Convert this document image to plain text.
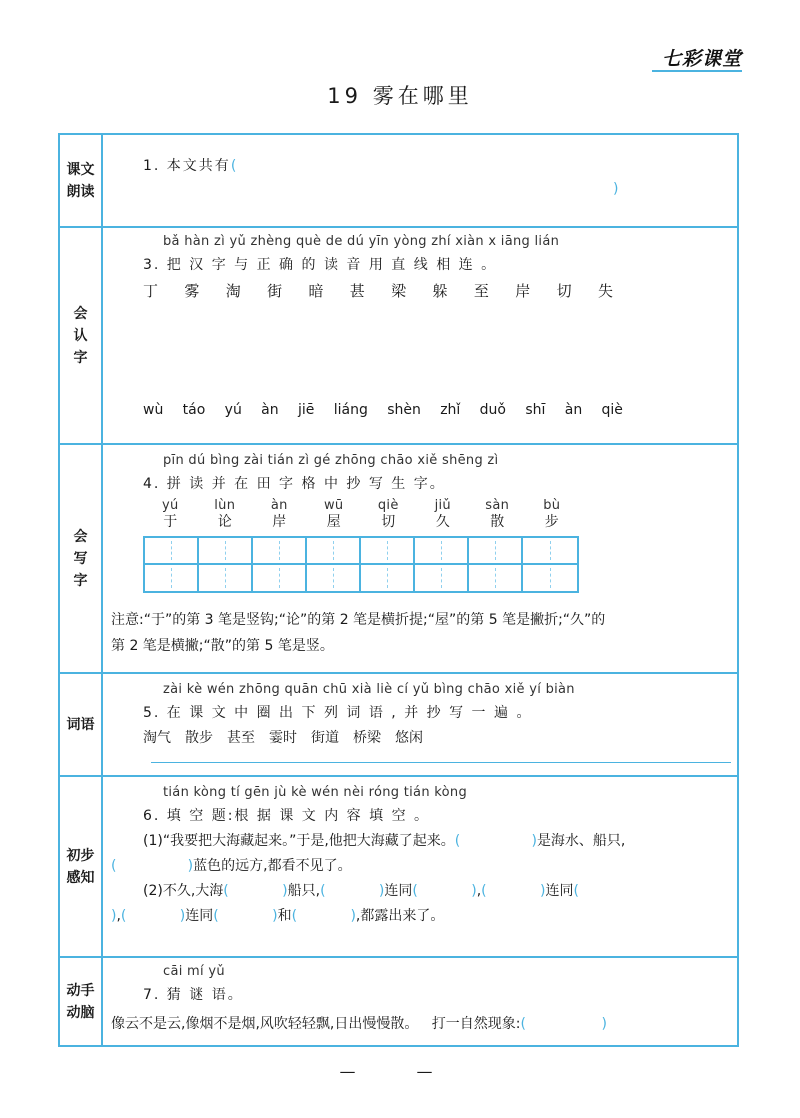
七彩课堂
19 雾在哪里
课文
朗读
1. 本文共有(
)
会
认
字
bǎ hàn zì yǔ zhèng què de dú yīn yòng zhí xiàn x iāng lián
3. 把 汉 字 与 正 确 的 读 音 用 直 线 相 连 。
丁 雾 淘 街 暗 甚 梁 躲 至 岸 切 失
wù táo yú àn jiē liáng shèn zhǐ duǒ shī àn qiè
会
写
字
pīn dú bìng zài tián zì gé zhōng chāo xiě shēng zì
4. 拼 读 并 在 田 字 格 中 抄 写 生 字。
yú
于
lùn
论
àn
岸
wū
屋
qiè
切
jiǔ
久
sàn
散
bù
步
注意:“于”的第 3 笔是竖钩;“论”的第 2 笔是横折提;“屋”的第 5 笔是撇折;“久”的
第 2 笔是横撇;“散”的第 5 笔是竖。
词语
zài kè wén zhōng quān chū xià liè cí yǔ bìng chāo xiě yí biàn
5. 在 课 文 中 圈 出 下 列 词 语 , 并 抄 写 一 遍 。
淘气 散步 甚至 霎时 街道 桥梁 悠闲
初步
感知
tián kòng tí gēn jù kè wén nèi róng tián kòng
6. 填 空 题:根 据 课 文 内 容 填 空 。
(1)“我要把大海藏起来。”于是,他把大海藏了起来。(                )是海水、船只,
(                )蓝色的远方,都看不见了。
(2)不久,大海(            )船只,(            )连同(            ),(            )连同(
),(            )连同(            )和(            ),都露出来了。
动手
动脑
cāi mí yǔ
7. 猜 谜 语。
像云不是云,像烟不是烟,风吹轻轻飘,日出慢慢散。 打一自然现象:(                 )
— —
